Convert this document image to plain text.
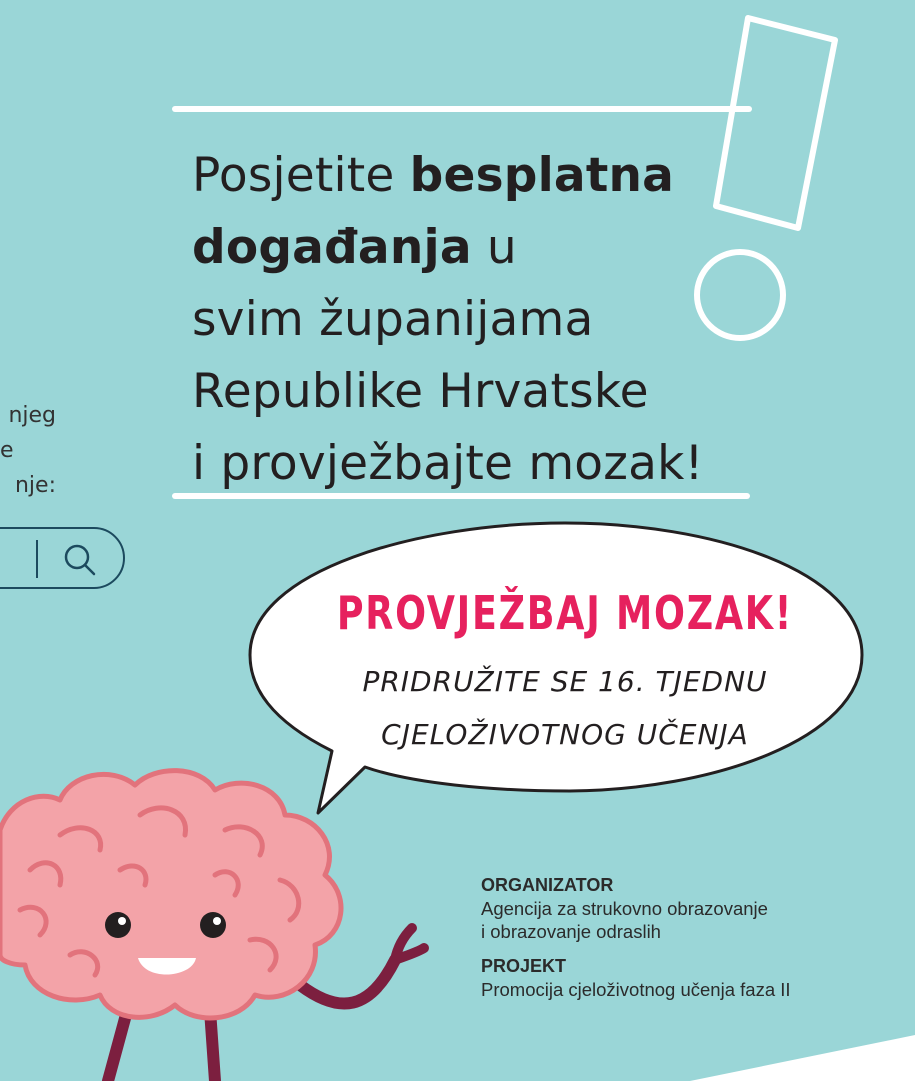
Posjetite besplatna
događanja u
svim županijama
Republike Hrvatske
i provježbajte mozak!
njeg
e
nje:
PROVJEŽBAJ MOZAK!
PRIDRUŽITE SE 16. TJEDNU
CJELOŽIVOTNOG UČENJA
ORGANIZATOR
Agencija za strukovno obrazovanje
i obrazovanje odraslih
PROJEKT
Promocija cjeloživotnog učenja faza II
